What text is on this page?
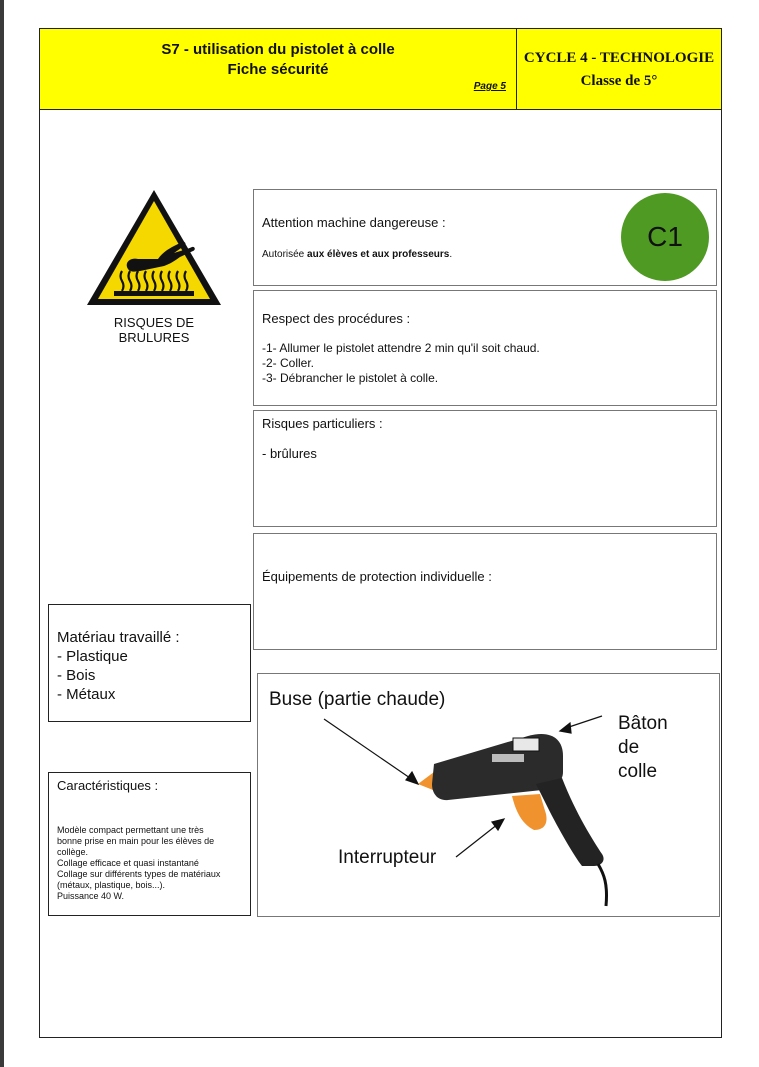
S7 - utilisation du pistolet à colle
Fiche sécurité
Page 5
CYCLE 4 - TECHNOLOGIE
Classe de 5°
RISQUES DE
BRULURES
Attention machine dangereuse :
Autorisée aux élèves et aux professeurs.
C1
Respect des procédures :
-1- Allumer le pistolet attendre 2 min qu'il soit chaud.
-2- Coller.
-3- Débrancher le pistolet à colle.
Risques particuliers :
- brûlures
Équipements de protection individuelle :
Matériau travaillé :
- Plastique
- Bois
- Métaux
Caractéristiques :
Modèle compact permettant une très
bonne prise en main pour les élèves de
collège.
Collage efficace et quasi instantané
Collage sur différents types de matériaux
(métaux, plastique, bois...).
Puissance 40 W.
Buse (partie chaude)
Bâton
de
colle
Interrupteur
